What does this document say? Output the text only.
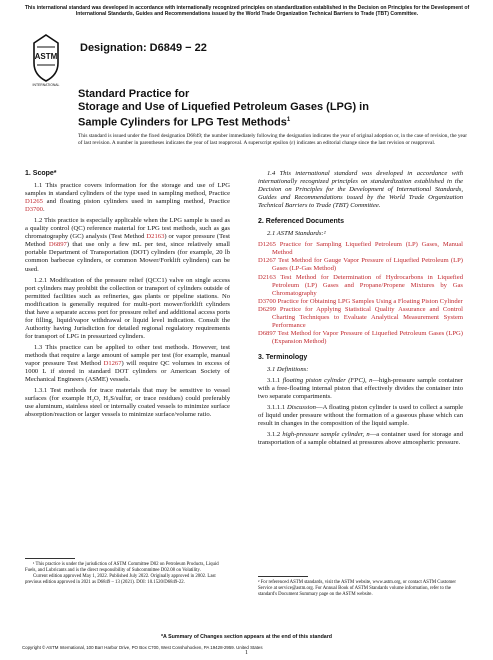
This international standard was developed in accordance with internationally recognized principles on standardization established in the Decision on Principles for the Development of International Standards, Guides and Recommendations issued by the World Trade Organization Technical Barriers to Trade (TBT) Committee.
ASTM
INTERNATIONAL
Designation: D6849 − 22
Standard Practice for
Storage and Use of Liquefied Petroleum Gases (LPG) in
Sample Cylinders for LPG Test Methods$^1$
This standard is issued under the fixed designation D6849; the number immediately following the designation indicates the year of original adoption or, in the case of revision, the year of last revision. A number in parentheses indicates the year of last reapproval. A superscript epsilon (ε) indicates an editorial change since the last revision or reapproval.
1. Scope*

1.1 This practice covers information for the storage and use of LPG samples in standard cylinders of the type used in sampling method, Practice D1265 and floating piston cylinders used in sampling method, Practice D3700.

1.2 This practice is especially applicable when the LPG sample is used as a quality control (QC) reference material for LPG test methods, such as gas chromatography (GC) analysis (Test Method D2163) or vapor pressure (Test Method D6897) that use only a few mL per test, since relatively small portable Department of Transportation (DOT) cylinders (for example, 20 lb common barbecue cylinders, or common Mower/Forklift cylinders) can be used.

1.2.1 Modification of the pressure relief (QCC1) valve on single access port cylinders may prohibit the collection or transport of cylinders outside of permitted facilities such as refineries, gas plants or pipeline stations. No modification is generally required for multi-port mower/forklift cylinders that have a separate access port for pressure relief and additional access ports for filling, liquid/vapor withdrawal or liquid level indication. Consult the Authority having Jurisdiction for detailed regional regulatory requirements for transport of LPG in pressurized cylinders.

1.3 This practice can be applied to other test methods. However, test methods that require a large amount of sample per test (for example, manual vapor pressure Test Method D1267) will require QC volumes in excess of 1000 L if stored in standard DOT cylinders or American Society of Mechanical Engineers (ASME) vessels.

1.3.1 Test methods for trace materials that may be sensitive to vessel surfaces (for example H₂O, H₂S/sulfur, or trace residues) could preferably use aluminum, stainless steel or internally coated vessels to minimize surface absorption/reaction or larger vessels to minimize surface/volume ratio.

¹ This practice is under the jurisdiction of ASTM Committee D02 on Petroleum Products, Liquid Fuels, and Lubricants and is the direct responsibility of Subcommittee D02.08 on Volatility.
Current edition approved May 1, 2022. Published July 2022. Originally approved in 2002. Last previous edition approved in 2021 as D6849 – 13 (2021). DOI: 10.1520/D6849-22.

1.4 This international standard was developed in accordance with internationally recognized principles on standardization established in the Decision on Principles for the Development of International Standards, Guides and Recommendations issued by the World Trade Organization Technical Barriers to Trade (TBT) Committee.

2. Referenced Documents

2.1 ASTM Standards:²

D1265 Practice for Sampling Liquefied Petroleum (LP) Gases, Manual Method
D1267 Test Method for Gauge Vapor Pressure of Liquefied Petroleum (LP) Gases (LP-Gas Method)
D2163 Test Method for Determination of Hydrocarbons in Liquefied Petroleum (LP) Gases and Propane/Propene Mixtures by Gas Chromatography
D3700 Practice for Obtaining LPG Samples Using a Floating Piston Cylinder
D6299 Practice for Applying Statistical Quality Assurance and Control Charting Techniques to Evaluate Analytical Measurement System Performance
D6897 Test Method for Vapor Pressure of Liquefied Petroleum Gases (LPG) (Expansion Method)
3. Terminology

3.1 Definitions:

3.1.1 floating piston cylinder (FPC), n—high-pressure sample container with a free-floating internal piston that effectively divides the container into two separate compartments.

3.1.1.1 Discussion—A floating piston cylinder is used to collect a sample of liquid under pressure without the formation of a gaseous phase which can result in changes in the composition of the liquid sample.

3.1.2 high-pressure sample cylinder, n—a container used for storage and transportation of a sample obtained at pressures above atmospheric pressure.

² For referenced ASTM standards, visit the ASTM website, www.astm.org, or contact ASTM Customer Service at service@astm.org. For Annual Book of ASTM Standards volume information, refer to the standard's Document Summary page on the ASTM website.
*A Summary of Changes section appears at the end of this standard
Copyright © ASTM International, 100 Barr Harbor Drive, PO Box C700, West Conshohocken, PA 19428-2959. United States
1
